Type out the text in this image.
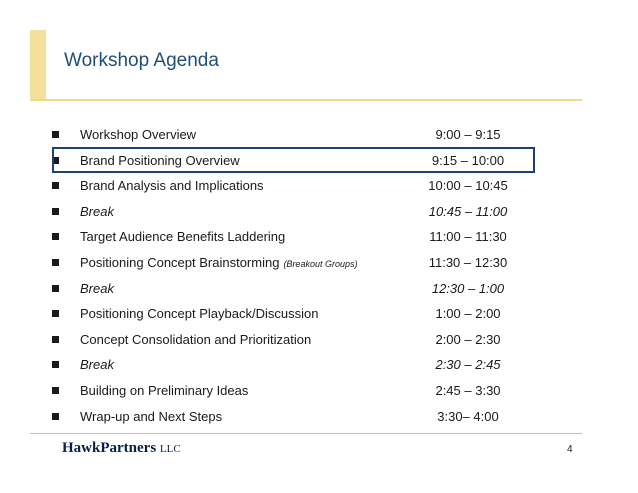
Workshop Agenda
Workshop Overview	9:00 – 9:15
Brand Positioning Overview	9:15 – 10:00
Brand Analysis and Implications	10:00 – 10:45
Break	10:45 – 11:00
Target Audience Benefits Laddering	11:00 – 11:30
Positioning Concept Brainstorming (Breakout Groups)	11:30 – 12:30
Break	12:30 – 1:00
Positioning Concept Playback/Discussion	1:00 – 2:00
Concept Consolidation and Prioritization	2:00 – 2:30
Break	2:30 – 2:45
Building on Preliminary Ideas	2:45 – 3:30
Wrap-up and Next Steps	3:30– 4:00
HawkPartners LLC	4
